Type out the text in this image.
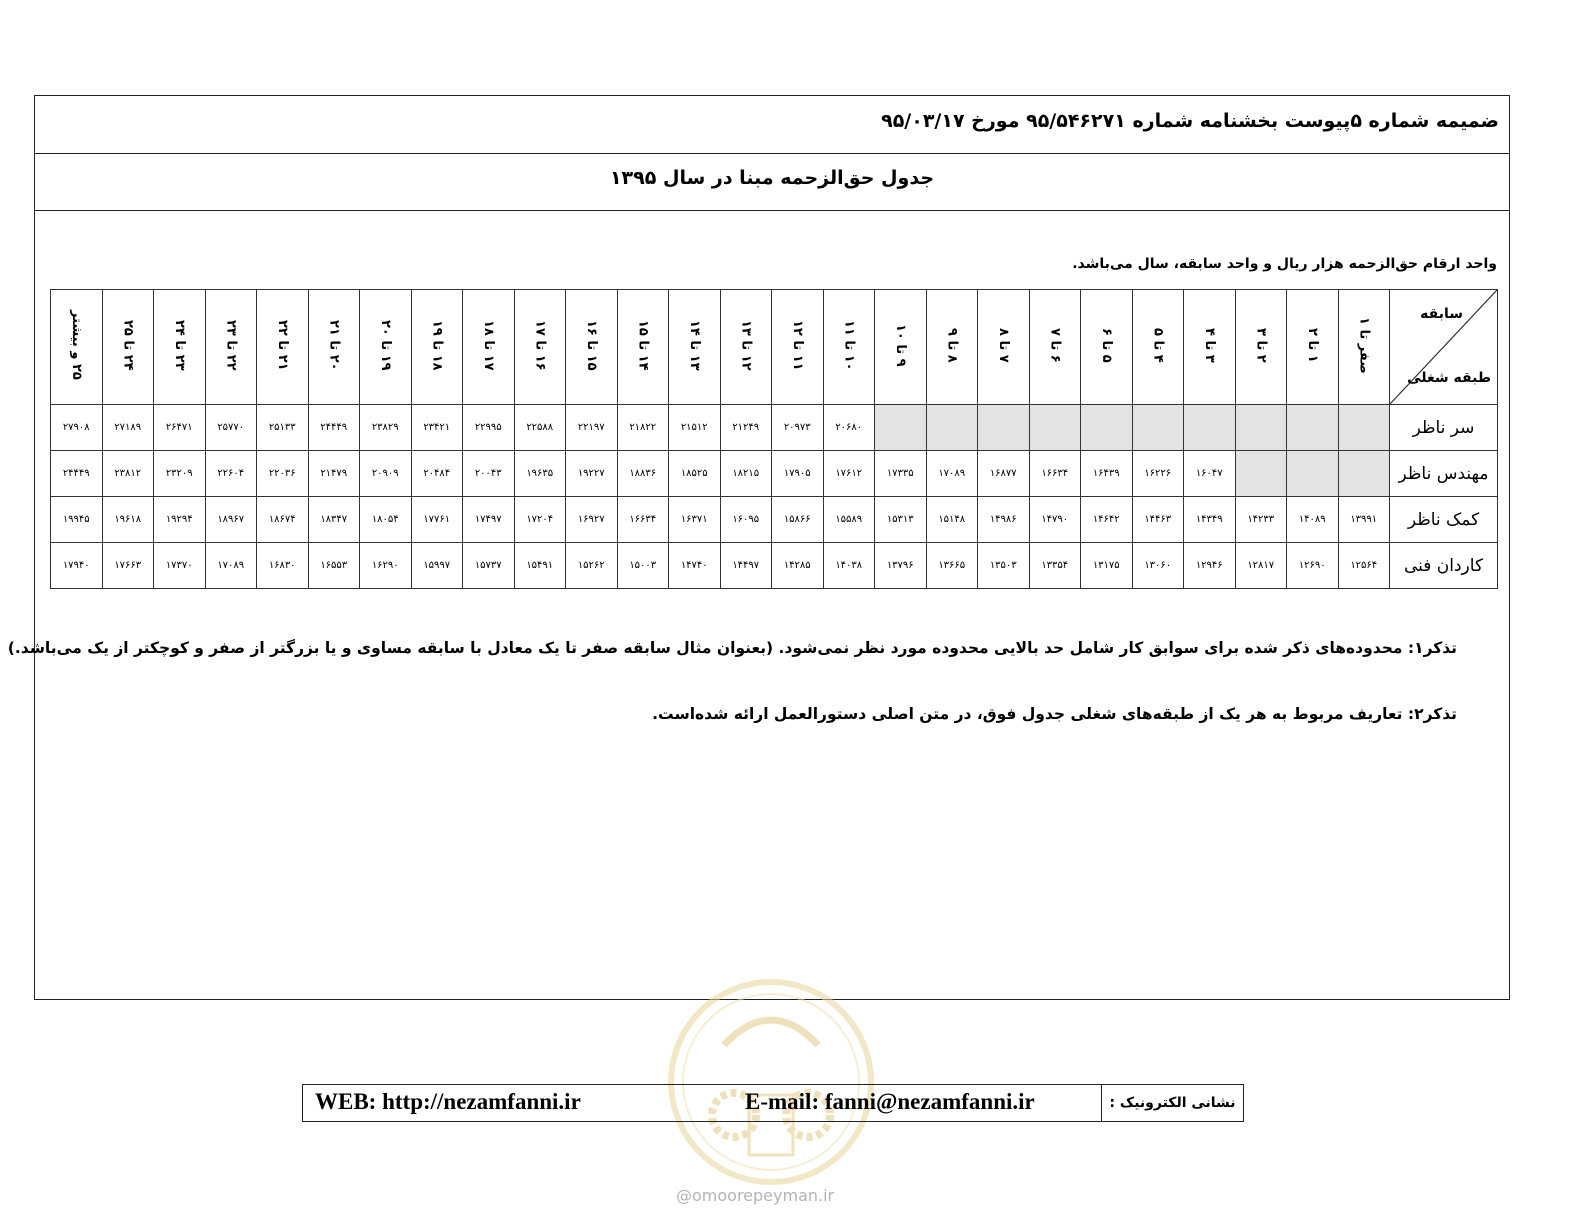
ضمیمه شماره ۵پیوست بخشنامه شماره ۹۵/۵۴۶۲۷۱ مورخ ۹۵/۰۳/۱۷
جدول حق‌الزحمه مبنا در سال ۱۳۹۵
واحد ارقام حق‌الزحمه هزار ریال و واحد سابقه، سال می‌باشد.
سابقه
طبقه شغلی	صفر تا ۱	۱ تا ۲	۲ تا ۳	۳ تا ۴	۴ تا ۵	۵ تا ۶	۶ تا ۷	۷ تا ۸	۸ تا ۹	۹ تا ۱۰	۱۰ تا ۱۱	۱۱ تا ۱۲	۱۲ تا ۱۳	۱۳ تا ۱۴	۱۴ تا ۱۵	۱۵ تا ۱۶	۱۶ تا ۱۷	۱۷ تا ۱۸	۱۸ تا ۱۹	۱۹ تا ۲۰	۲۰ تا ۲۱	۲۱ تا ۲۲	۲۲ تا ۲۳	۲۳ تا ۲۴	۲۴ تا ۲۵	۲۵ و بیشتر
سر ناظر											۲۰۶۸۰	۲۰۹۷۳	۲۱۲۴۹	۲۱۵۱۲	۲۱۸۲۲	۲۲۱۹۷	۲۲۵۸۸	۲۲۹۹۵	۲۳۴۲۱	۲۳۸۲۹	۲۴۴۴۹	۲۵۱۳۳	۲۵۷۷۰	۲۶۴۷۱	۲۷۱۸۹	۲۷۹۰۸
مهندس ناظر				۱۶۰۴۷	۱۶۲۲۶	۱۶۴۳۹	۱۶۶۳۴	۱۶۸۷۷	۱۷۰۸۹	۱۷۳۳۵	۱۷۶۱۲	۱۷۹۰۵	۱۸۲۱۵	۱۸۵۲۵	۱۸۸۳۶	۱۹۲۲۷	۱۹۶۳۵	۲۰۰۴۳	۲۰۴۸۴	۲۰۹۰۹	۲۱۴۷۹	۲۲۰۳۶	۲۲۶۰۴	۲۳۲۰۹	۲۳۸۱۲	۲۴۴۴۹
کمک ناظر	۱۳۹۹۱	۱۴۰۸۹	۱۴۲۳۳	۱۴۳۴۹	۱۴۴۶۳	۱۴۶۴۲	۱۴۷۹۰	۱۴۹۸۶	۱۵۱۴۸	۱۵۳۱۳	۱۵۵۸۹	۱۵۸۶۶	۱۶۰۹۵	۱۶۳۷۱	۱۶۶۳۴	۱۶۹۲۷	۱۷۲۰۴	۱۷۴۹۷	۱۷۷۶۱	۱۸۰۵۴	۱۸۳۴۷	۱۸۶۷۴	۱۸۹۶۷	۱۹۲۹۴	۱۹۶۱۸	۱۹۹۴۵
کاردان فنی	۱۲۵۶۴	۱۲۶۹۰	۱۲۸۱۷	۱۲۹۴۶	۱۳۰۶۰	۱۳۱۷۵	۱۳۳۵۴	۱۳۵۰۳	۱۳۶۶۵	۱۳۷۹۶	۱۴۰۳۸	۱۴۲۸۵	۱۴۴۹۷	۱۴۷۴۰	۱۵۰۰۳	۱۵۲۶۲	۱۵۴۹۱	۱۵۷۳۷	۱۵۹۹۷	۱۶۲۹۰	۱۶۵۵۳	۱۶۸۳۰	۱۷۰۸۹	۱۷۳۷۰	۱۷۶۶۳	۱۷۹۴۰
تذکر۱: محدوده‌های ذکر شده برای سوابق کار شامل حد بالایی محدوده مورد نظر نمی‌شود. (بعنوان مثال سابقه صفر تا یک معادل با سابقه مساوی و یا بزرگتر از صفر و کوچکتر از یک می‌باشد.)
تذکر۲: تعاریف مربوط به هر یک از طبقه‌های شغلی جدول فوق، در متن اصلی دستورالعمل ارائه شده‌است.
@omoorepeyman.ir
نشانی الکترونیک :
WEB: http://nezamfanni.ir	E-mail: fanni@nezamfanni.ir
